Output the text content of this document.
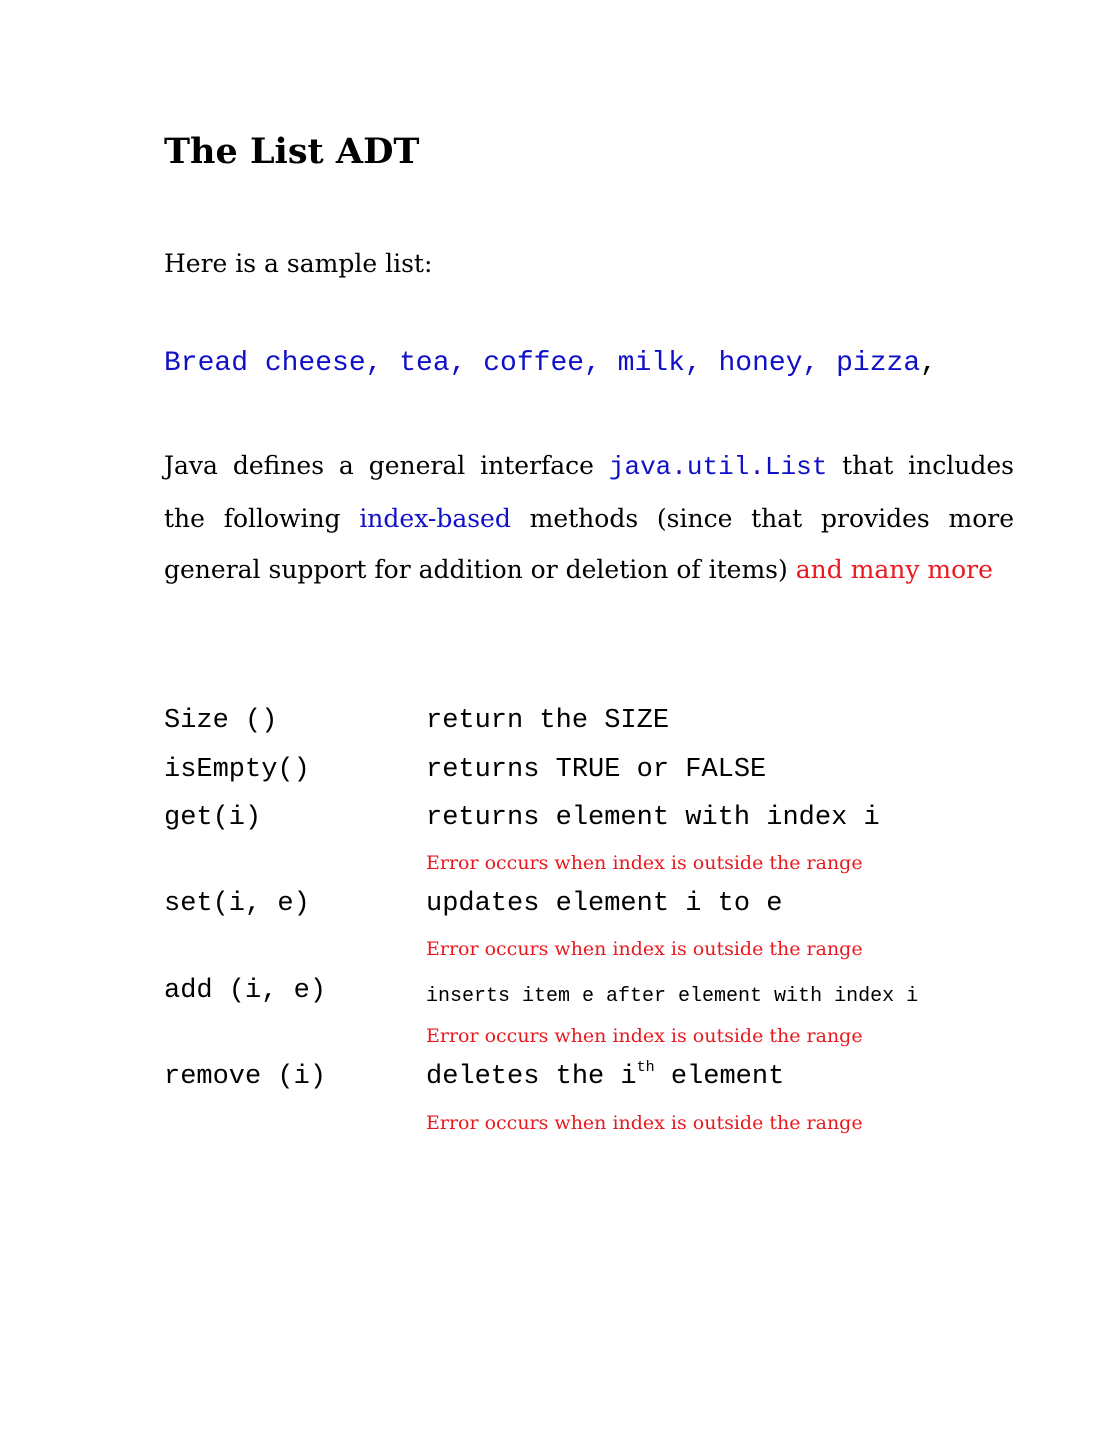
The List ADT

Here is a sample list:

Bread cheese, tea, coffee, milk, honey, pizza,

Java defines a general interface java.util.List that includes the following index-based methods (since that provides more general support for addition or deletion of items) and many more

Size ()	return the SIZE
isEmpty()	returns TRUE or FALSE
get(i)	returns element with index i
Error occurs when index is outside the range
set(i, e)	updates element i to e
Error occurs when index is outside the range
add (i, e)	inserts item e after element with index i
Error occurs when index is outside the range
remove (i)	deletes the $i^{th}$ element
Error occurs when index is outside the range
